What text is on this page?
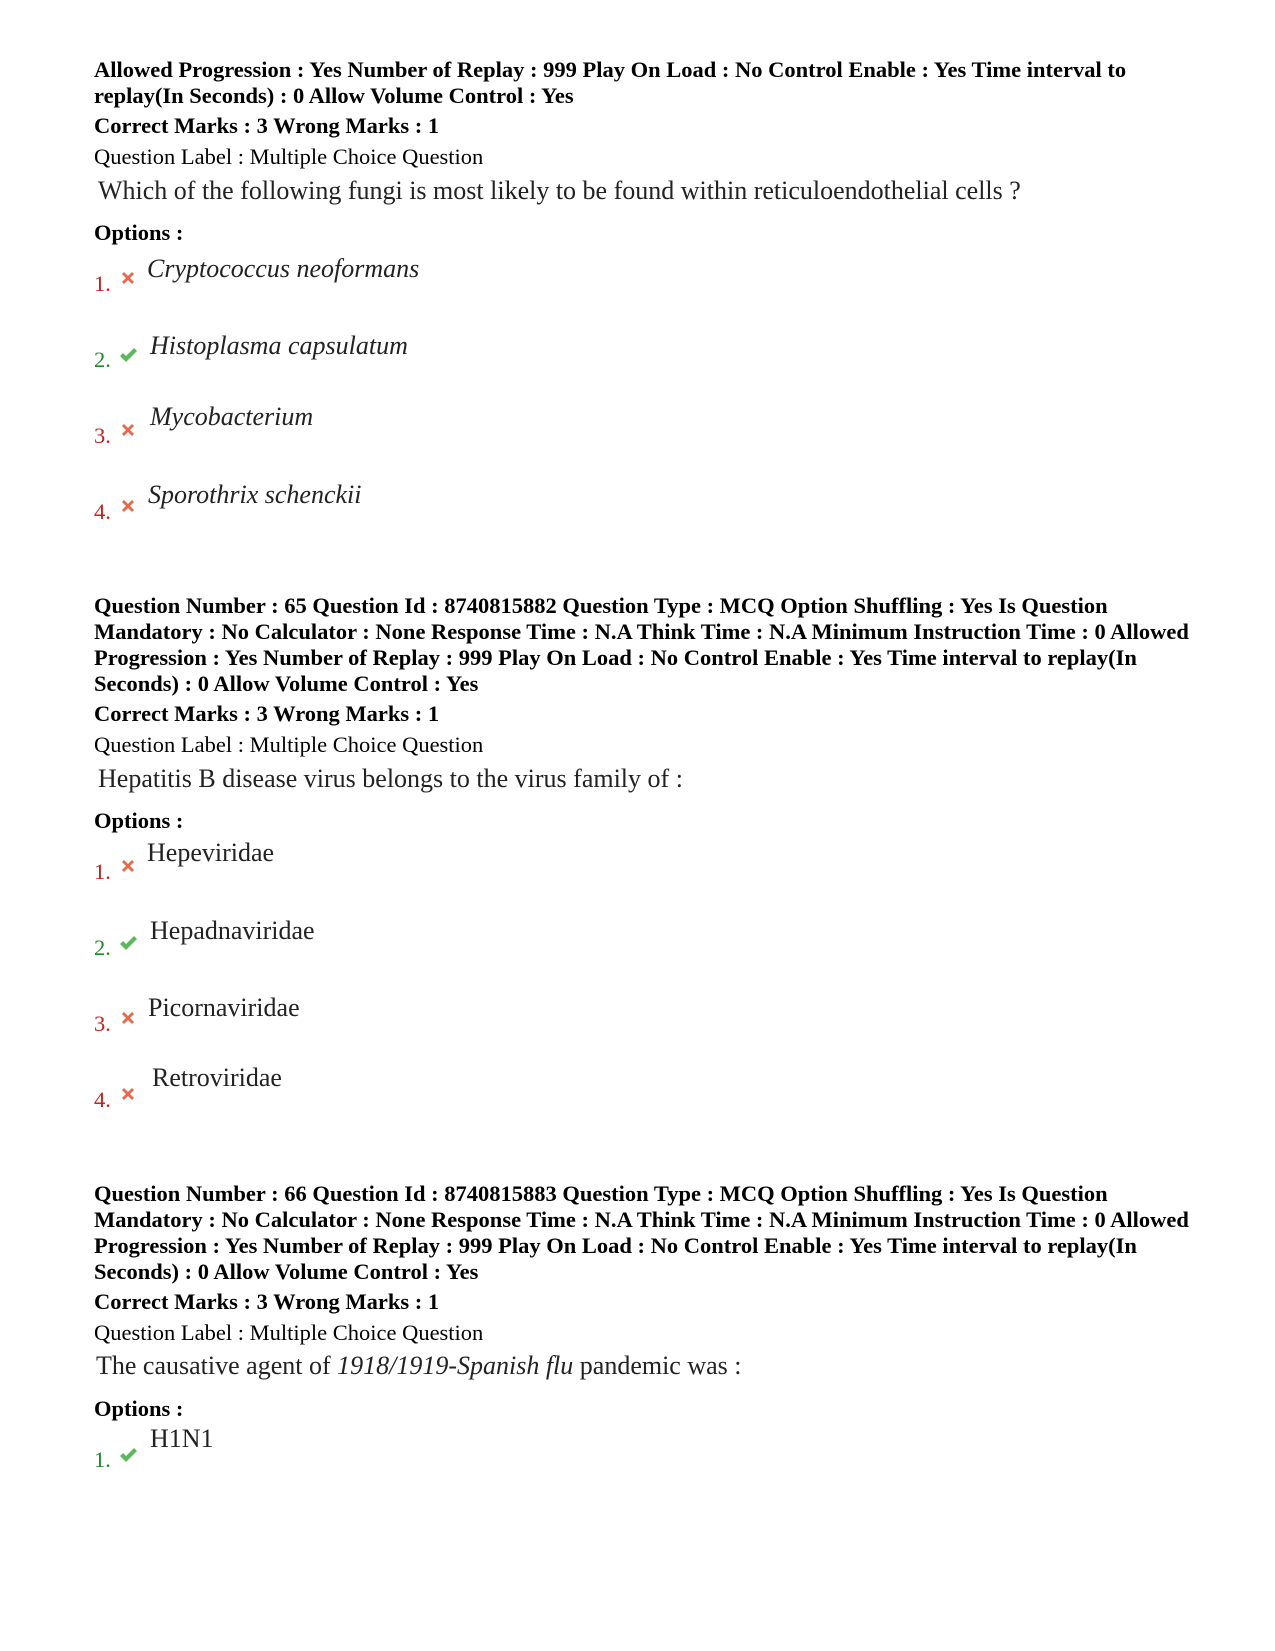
Allowed Progression : Yes Number of Replay : 999 Play On Load : No Control Enable : Yes Time interval to replay(In Seconds) : 0 Allow Volume Control : Yes
Correct Marks : 3 Wrong Marks : 1
Question Label : Multiple Choice Question
Which of the following fungi is most likely to be found within reticuloendothelial cells ?
Options :
1.
Cryptococcus neoformans
2. Histoplasma capsulatum
3.
Mycobacterium
4.
Sporothrix schenckii
Question Number : 65 Question Id : 8740815882 Question Type : MCQ Option Shuffling : Yes Is Question Mandatory : No Calculator : None Response Time : N.A Think Time : N.A Minimum Instruction Time : 0 Allowed Progression : Yes Number of Replay : 999 Play On Load : No Control Enable : Yes Time interval to replay(In Seconds) : 0 Allow Volume Control : Yes
Correct Marks : 3 Wrong Marks : 1
Question Label : Multiple Choice Question
Hepatitis B disease virus belongs to the virus family of :
Options :
1.
Hepeviridae
2.
Hepadnaviridae
3.
Picornaviridae
4.
Retroviridae
Question Number : 66 Question Id : 8740815883 Question Type : MCQ Option Shuffling : Yes Is Question Mandatory : No Calculator : None Response Time : N.A Think Time : N.A Minimum Instruction Time : 0 Allowed Progression : Yes Number of Replay : 999 Play On Load : No Control Enable : Yes Time interval to replay(In Seconds) : 0 Allow Volume Control : Yes
Correct Marks : 3 Wrong Marks : 1
Question Label : Multiple Choice Question
The causative agent of 1918/1919-Spanish flu pandemic was :
Options :
1.
H1N1
